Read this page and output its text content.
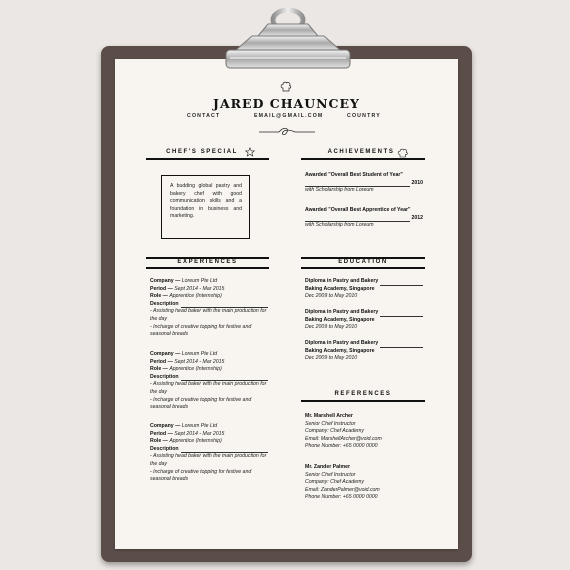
JARED CHAUNCEY
CONTACT	EMAIL@GMAIL.COM	COUNTRY
CHEF'S SPECIAL	ACHIEVEMENTS
A budding global pastry and bakery chef with good communication skills and a foundation in business and marketing.
Awarded "Overall Best Student of Year"
2010
with Scholarship from Loreum
Awarded "Overall Best Apprentice of Year"
2012
with Scholarship from Loreum
EXPERIENCES	EDUCATION
Company — Loreum Pte Ltd
Period — Sept 2014 - Mar 2015
Role — Apprentice (Internship)
Description
- Assisting head baker with the main production for the day
- Incharge of creative topping for festive and seasonal breads
Company — Loreum Pte Ltd
Period — Sept 2014 - Mar 2015
Role — Apprentice (Internship)
Description
- Assisting head baker with the main production for the day
- Incharge of creative topping for festive and seasonal breads
Company — Loreum Pte Ltd
Period — Sept 2014 - Mar 2015
Role — Apprentice (Internship)
Description
- Assisting head baker with the main production for the day
- Incharge of creative topping for festive and seasonal breads
Diploma in Pastry and Bakery
Baking Academy, Singapore
Dec 2009 to May 2010
Diploma in Pastry and Bakery
Baking Academy, Singapore
Dec 2009 to May 2010
Diploma in Pastry and Bakery
Baking Academy, Singapore
Dec 2009 to May 2010
REFERENCES
Mr. Marshell Archer
Senior Chef Instructor
Company: Chef Academy
Email: MarshellArcher@void.com
Phone Number: +65 0000 0000
Mr. Zander Palmer
Senior Chef Instructor
Company: Chef Academy
Email: ZanderPalmer@void.com
Phone Number: +65 0000 0000
